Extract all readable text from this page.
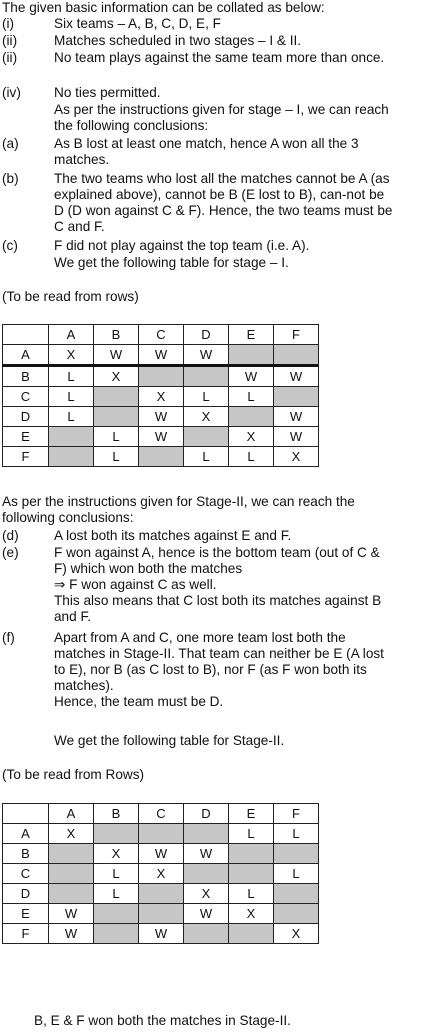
The given basic information can be collated as below:
(i)	Six teams – A, B, C, D, E, F
(ii)	Matches scheduled in two stages – I & II.
(ii)	No team plays against the same team more than once.
(iv) No ties permitted.
As per the instructions given for stage – I, we can reach the following conclusions:
(a)	As B lost at least one match, hence A won all the 3 matches.
(b)	The two teams who lost all the matches cannot be A (as explained above), cannot be B (E lost to B), can-not be D (D won against C & F). Hence, the two teams must be C and F.
(c)	F did not play against the top team (i.e. A).
We get the following table for stage – I.
(To be read from rows)
	A	B	C	D	E	F
A	X	W	W	W		
B	L	X			W	W
C	L		X	L	L	
D	L		W	X		W
E		L	W		X	W
F		L		L	L	X
As per the instructions given for Stage-II, we can reach the following conclusions:
(d)	A lost both its matches against E and F.
(e)	F won against A, hence is the bottom team (out of C & F) which won both the matches
⇒ F won against C as well.
This also means that C lost both its matches against B and F.
(f)	Apart from A and C, one more team lost both the matches in Stage-II. That team can neither be E (A lost to E), nor B (as C lost to B), nor F (as F won both its matches).
Hence, the team must be D.
We get the following table for Stage-II.
(To be read from Rows)
	A	B	C	D	E	F
A	X				L	L
B		X	W	W		
C		L	X			L
D		L		X	L	
E	W			W	X	
F	W		W			X
B, E & F won both the matches in Stage-II.
